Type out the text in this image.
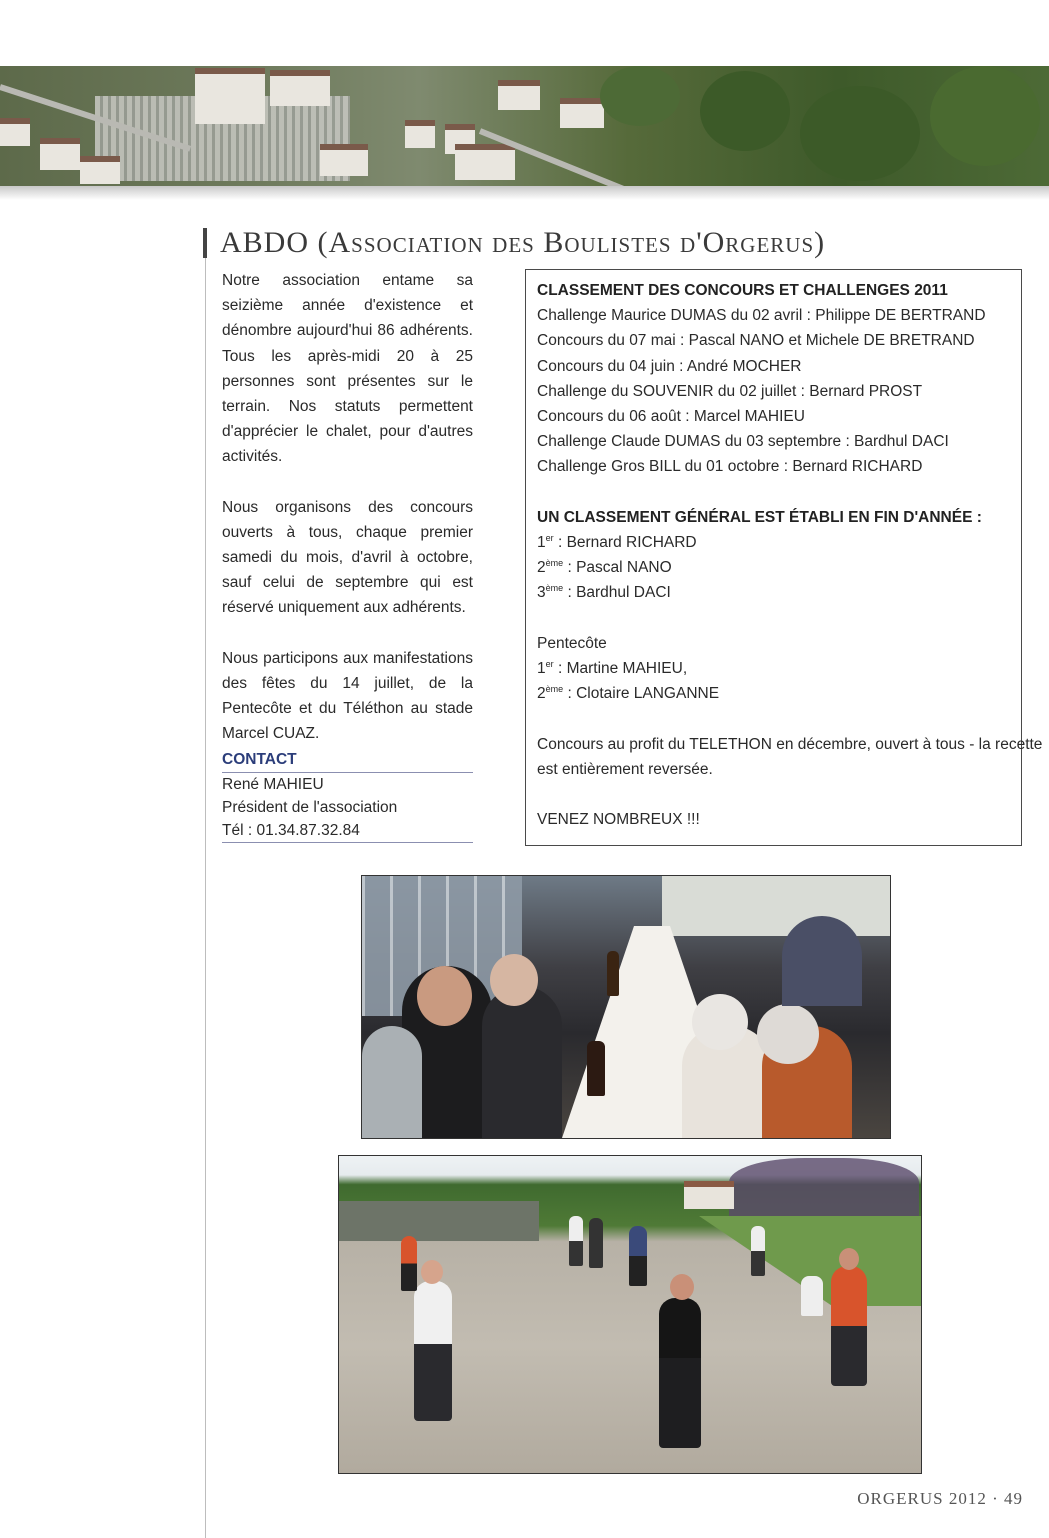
ABDO (Association des Boulistes d'Orgerus)

Notre association entame sa seizième année d'existence et dénombre aujourd'hui 86 adhérents. Tous les après-midi 20 à 25 personnes sont présentes sur le terrain. Nos statuts permettent d'apprécier le chalet, pour d'autres activités.

Nous organisons des concours ouverts à tous, chaque premier samedi du mois, d'avril à octobre, sauf celui de septembre qui est réservé uniquement aux adhérents.

Nous participons aux manifestations des fêtes du 14 juillet, de la Pentecôte et du Téléthon au stade Marcel CUAZ.

CONTACT
René MAHIEU
Président de l'association
Tél : 01.34.87.32.84
CLASSEMENT DES CONCOURS ET CHALLENGES 2011
Challenge Maurice DUMAS du 02 avril : Philippe DE BERTRAND
Concours du 07 mai : Pascal NANO et Michele DE BRETRAND
Concours du 04 juin : André MOCHER
Challenge du SOUVENIR du 02 juillet : Bernard PROST
Concours du 06 août : Marcel MAHIEU
Challenge Claude DUMAS du 03 septembre : Bardhul DACI
Challenge Gros BILL du 01 octobre : Bernard RICHARD
UN CLASSEMENT GÉNÉRAL EST ÉTABLI EN FIN D'ANNÉE :
1er : Bernard RICHARD
2ème : Pascal NANO
3ème : Bardhul DACI
Pentecôte
1er : Martine MAHIEU,
2ème : Clotaire LANGANNE
Concours au profit du TELETHON en décembre, ouvert à tous - la recette
est entièrement reversée.
VENEZ NOMBREUX !!!
ORGERUS 2012 · 49
